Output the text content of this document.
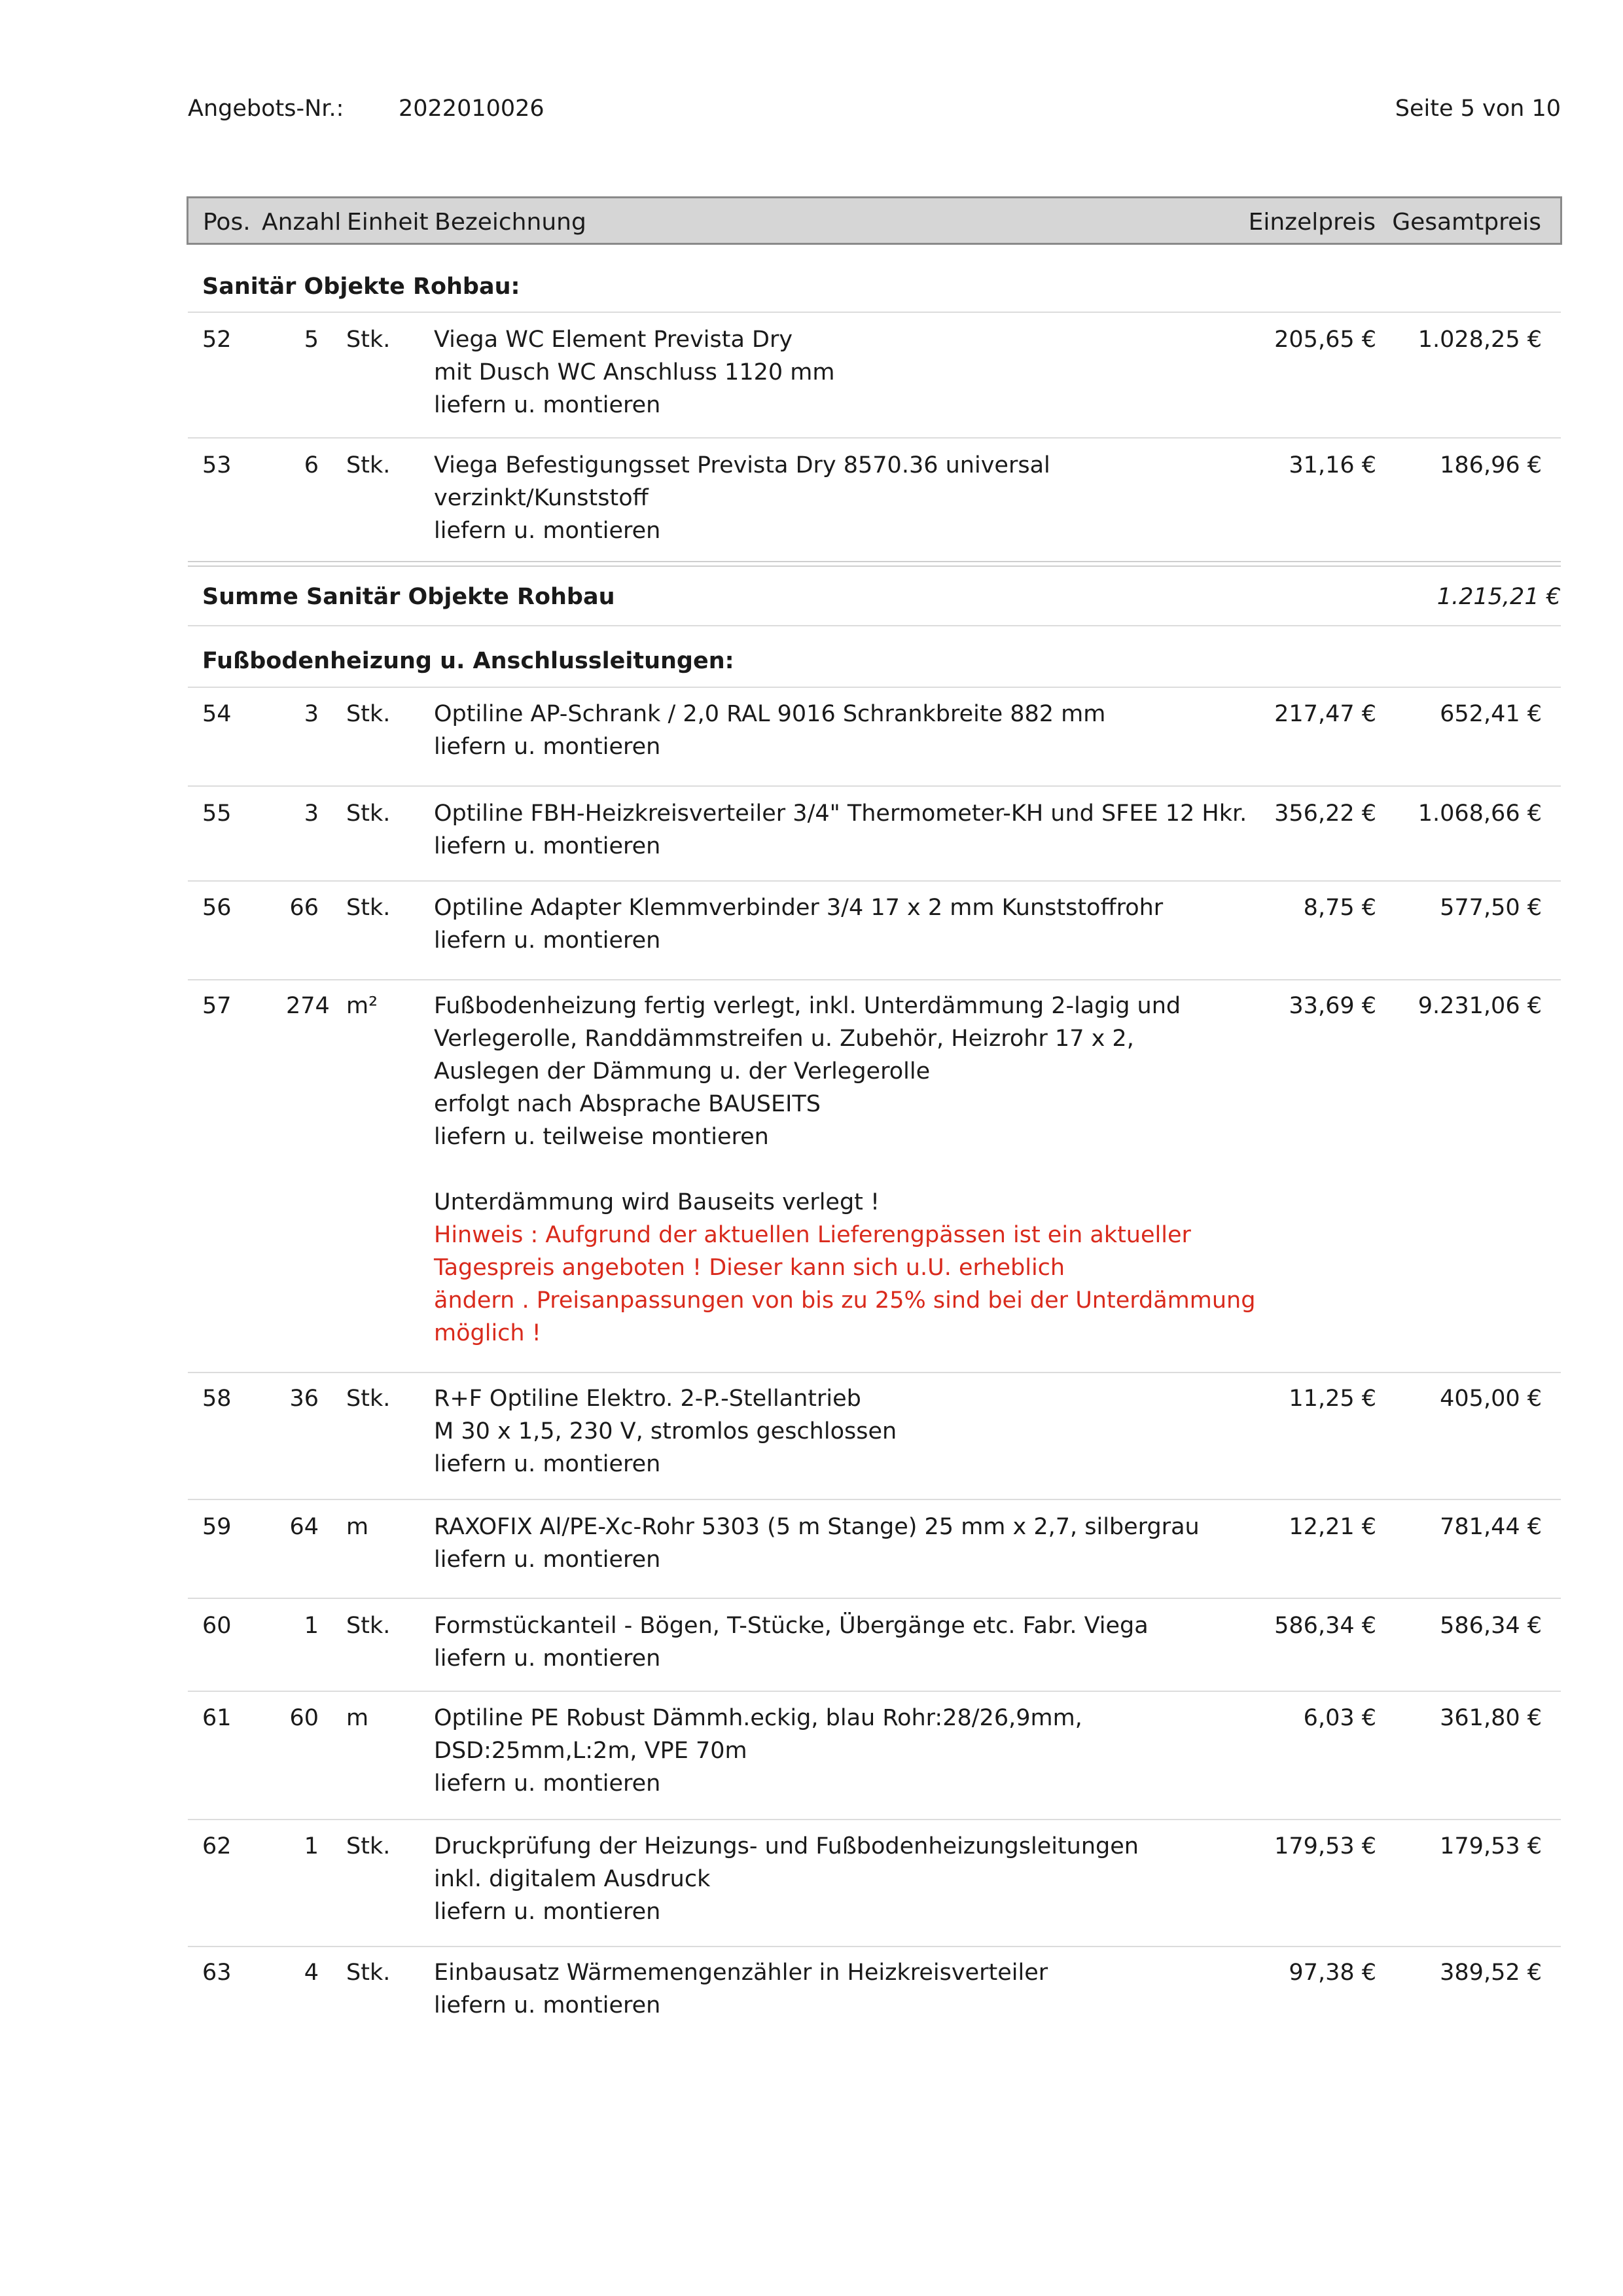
Angebots-Nr.: 2022010026	Seite 5 von 10
Pos. Anzahl Einheit Bezeichnung	Einzelpreis Gesamtpreis
Sanitär Objekte Rohbau:
52	5 Stk. Viega WC Element Prevista Dry
mit Dusch WC Anschluss 1120 mm
liefern u. montieren
205,65 € 1.028,25 €
53	6 Stk. Viega Befestigungsset Prevista Dry 8570.36 universal
verzinkt/Kunststoff
liefern u. montieren
31,16 €	186,96 €
Summe Sanitär Objekte Rohbau	1.215,21 €
Fußbodenheizung u. Anschlussleitungen:
54	3 Stk. Optiline AP-Schrank / 2,0 RAL 9016 Schrankbreite 882 mm
liefern u. montieren
217,47 €	652,41 €
55	3 Stk. Optiline FBH-Heizkreisverteiler 3/4" Thermometer-KH und SFEE 12 Hkr.
liefern u. montieren
356,22 € 1.068,66 €
56	66 Stk. Optiline Adapter Klemmverbinder 3/4 17 x 2 mm Kunststoffrohr
liefern u. montieren
8,75 €	577,50 €
57 274 m² Fußbodenheizung fertig verlegt, inkl. Unterdämmung 2-lagig und
Verlegerolle, Randdämmstreifen u. Zubehör, Heizrohr 17 x 2,
Auslegen der Dämmung u. der Verlegerolle
erfolgt nach Absprache BAUSEITS
liefern u. teilweise montieren
Unterdämmung wird Bauseits verlegt !
Hinweis : Aufgrund der aktuellen Lieferengpässen ist ein aktueller
Tagespreis angeboten ! Dieser kann sich u.U. erheblich
ändern . Preisanpassungen von bis zu 25% sind bei der Unterdämmung
möglich !
33,69 € 9.231,06 €
58	36 Stk. R+F Optiline Elektro. 2-P.-Stellantrieb
M 30 x 1,5, 230 V, stromlos geschlossen
liefern u. montieren
11,25 €	405,00 €
59	64 m	RAXOFIX Al/PE-Xc-Rohr 5303 (5 m Stange) 25 mm x 2,7, silbergrau
liefern u. montieren
12,21 €	781,44 €
60	1 Stk. Formstückanteil - Bögen, T-Stücke, Übergänge etc. Fabr. Viega
liefern u. montieren
586,34 €	586,34 €
61	60 m	Optiline PE Robust Dämmh.eckig, blau Rohr:28/26,9mm,
DSD:25mm,L:2m, VPE 70m
liefern u. montieren
6,03 €	361,80 €
62	1 Stk. Druckprüfung der Heizungs- und Fußbodenheizungsleitungen
inkl. digitalem Ausdruck
liefern u. montieren
179,53 €	179,53 €
63	4 Stk. Einbausatz Wärmemengenzähler in Heizkreisverteiler
liefern u. montieren
97,38 €	389,52 €
